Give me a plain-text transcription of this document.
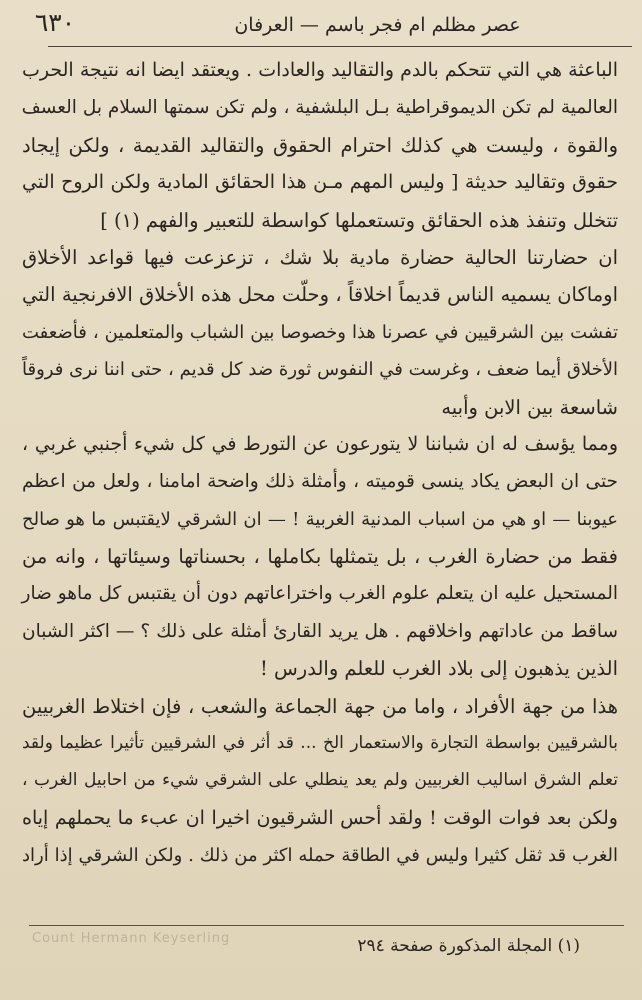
٦٣٠	عصر مظلم ام فجر باسم — العرفان
الباعثة هي التي تتحكم بالدم والتقاليد والعادات . ويعتقد ايضا انه نتيجة الحرب
العالمية لم تكن الديموقراطية بـل البلشفية ، ولم تكن سمتها السلام بل العسف
والقوة ، وليست هي كذلك احترام الحقوق والتقاليد القديمة ، ولكن إيجاد
حقوق وتقاليد حديثة [ وليس المهم مـن هذا الحقائق المادية ولكن الروح التي
تتخلل وتنفذ هذه الحقائق وتستعملها كواسطة للتعبير والفهم (١) ]
ان حضارتنا الحالية حضارة مادية بلا شك ، تزعزعت فيها قواعد الأخلاق
اوماكان يسميه الناس قديماً اخلاقاً ، وحلّت محل هذه الأخلاق الافرنجية التي
تفشت بين الشرقيين في عصرنا هذا وخصوصا بين الشباب والمتعلمين ، فأضعفت
الأخلاق أيما ضعف ، وغرست في النفوس ثورة ضد كل قديم ، حتى اننا نرى فروقاً
شاسعة بين الابن وأبيه
ومما يؤسف له ان شباننا لا يتورعون عن التورط في كل شيء أجنبي غربي ،
حتى ان البعض يكاد ينسى قوميته ، وأمثلة ذلك واضحة امامنا ، ولعل من اعظم
عيوبنا — او هي من اسباب المدنية الغربية ! — ان الشرقي لايقتبس ما هو صالح
فقط من حضارة الغرب ، بل يتمثلها بكاملها ، بحسناتها وسيئاتها ، وانه من
المستحيل عليه ان يتعلم علوم الغرب واختراعاتهم دون أن يقتبس كل ماهو ضار
ساقط من عاداتهم واخلاقهم . هل يريد القارئ أمثلة على ذلك ؟ — اكثر الشبان
الذين يذهبون إلى بلاد الغرب للعلم والدرس !
هذا من جهة الأفراد ، واما من جهة الجماعة والشعب ، فإن اختلاط الغربيين
بالشرقيين بواسطة التجارة والاستعمار الخ ... قد أثر في الشرقيين تأثيرا عظيما ولقد
تعلم الشرق اساليب الغربيين ولم يعد ينطلي على الشرقي شيء من احابيل الغرب ،
ولكن بعد فوات الوقت ! ولقد أحس الشرقيون اخيرا ان عبء ما يحملهم إياه
الغرب قد ثقل كثيرا وليس في الطاقة حمله اكثر من ذلك . ولكن الشرقي إذا أراد
(١) المجلة المذكورة صفحة ٢٩٤
Count Hermann Keyserling
